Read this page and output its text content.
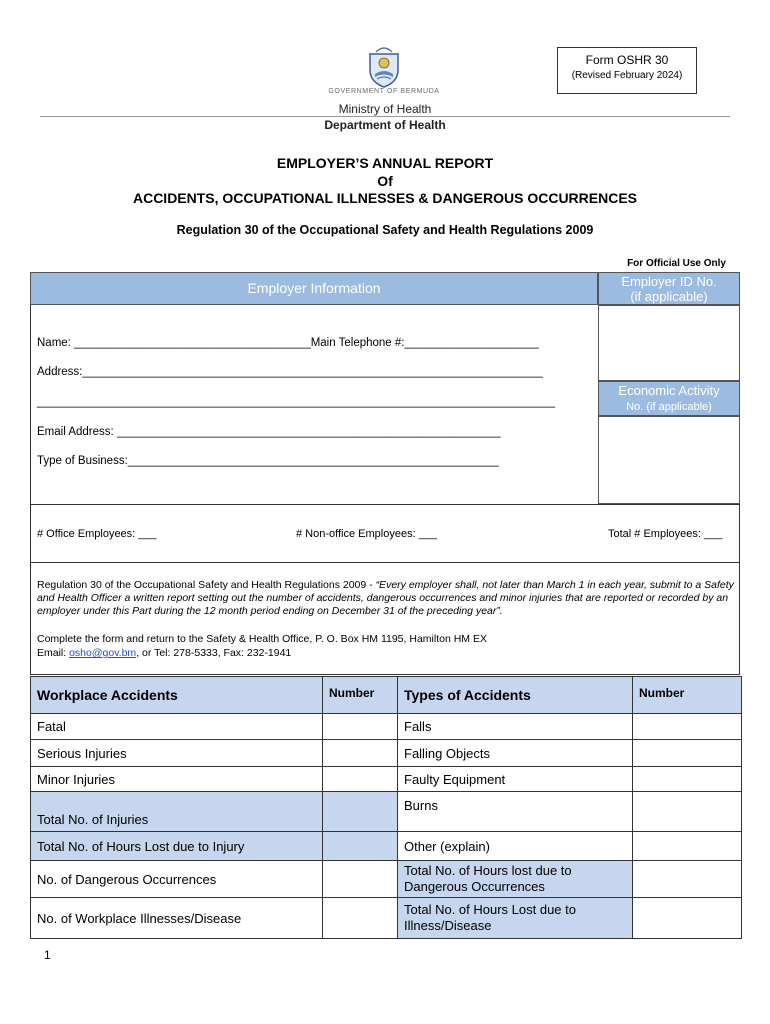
GOVERNMENT OF BERMUDA
Ministry of Health
Department of Health
Form OSHR 30
(Revised February 2024)
EMPLOYER’S ANNUAL REPORT
Of
ACCIDENTS, OCCUPATIONAL ILLNESSES & DANGEROUS OCCURRENCES
Regulation 30 of the Occupational Safety and Health Regulations 2009
For Official Use Only
Employer Information	Employer ID No.
(if applicable)
Economic Activity
No. (if applicable)
Name: _____________________________________Main Telephone #:_____________________
Address:________________________________________________________________________
_________________________________________________________________________________
Email Address: ____________________________________________________________
Type of Business:__________________________________________________________
# Office Employees: ___	# Non-office Employees: ___	Total # Employees: ___
Regulation 30 of the Occupational Safety and Health Regulations 2009 - “Every employer shall, not later than March 1 in each year, submit to a Safety and Health Officer a written report setting out the number of accidents, dangerous occurrences and minor injuries that are reported or recorded by an employer under this Part during the 12 month period ending on December 31 of the preceding year”.
Complete the form and return to the Safety & Health Office, P. O. Box HM 1195, Hamilton HM EX
Email: osho@gov.bm, or Tel: 278-5333, Fax: 232-1941
Workplace Accidents	Number	Types of Accidents	Number
Fatal		Falls	
Serious Injuries		Falling Objects	
Minor Injuries		Faulty Equipment	
Total No. of Injuries		Burns	
Total No. of Hours Lost due to Injury		Other (explain)	
No. of Dangerous Occurrences		Total No. of Hours lost due to Dangerous Occurrences	
No. of Workplace Illnesses/Disease		Total No. of Hours Lost due to Illness/Disease	
1
